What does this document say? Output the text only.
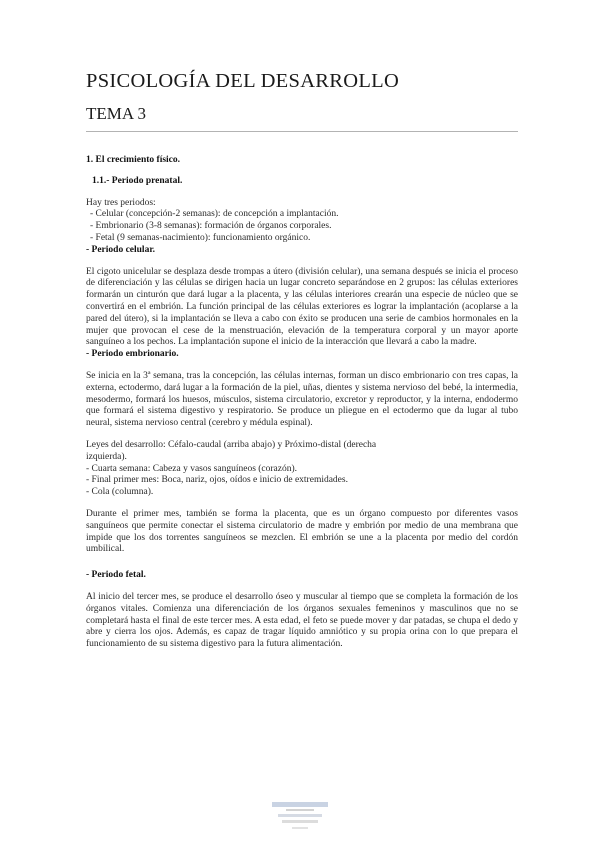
PSICOLOGÍA DEL DESARROLLO
TEMA 3

1. El crecimiento físico.

1.1.- Periodo prenatal.

Hay tres periodos:

- Celular (concepción-2 semanas): de concepción a implantación.

- Embrionario (3-8 semanas): formación de órganos corporales.

- Fetal (9 semanas-nacimiento): funcionamiento orgánico.

- Periodo celular.

El cigoto unicelular se desplaza desde trompas a útero (división celular), una semana después se inicia el proceso de diferenciación y las células se dirigen hacia un lugar concreto separándose en 2 grupos: las células exteriores formarán un cinturón que dará lugar a la placenta, y las células interiores crearán una especie de núcleo que se convertirá en el embrión. La función principal de las células exteriores es lograr la implantación (acoplarse a la pared del útero), si la implantación se lleva a cabo con éxito se producen una serie de cambios hormonales en la mujer que provocan el cese de la menstruación, elevación de la temperatura corporal y un mayor aporte sanguíneo a los pechos. La implantación supone el inicio de la interacción que llevará a cabo la madre.

- Periodo embrionario.

Se inicia en la 3ª semana, tras la concepción, las células internas, forman un disco embrionario con tres capas, la externa, ectodermo, dará lugar a la formación de la piel, uñas, dientes y sistema nervioso del bebé, la intermedia, mesodermo, formará los huesos, músculos, sistema circulatorio, excretor y reproductor, y la interna, endodermo que formará el sistema digestivo y respiratorio. Se produce un pliegue en el ectodermo que da lugar al tubo neural, sistema nervioso central (cerebro y médula espinal).

Leyes del desarrollo: Céfalo-caudal (arriba abajo) y Próximo-distal (derecha izquierda).

- Cuarta semana: Cabeza y vasos sanguíneos (corazón).

- Final primer mes: Boca, nariz, ojos, oídos e inicio de extremidades.

- Cola (columna).

Durante el primer mes, también se forma la placenta, que es un órgano compuesto por diferentes vasos sanguíneos que permite conectar el sistema circulatorio de madre y embrión por medio de una membrana que impide que los dos torrentes sanguíneos se mezclen. El embrión se une a la placenta por medio del cordón umbilical.

- Periodo fetal.

Al inicio del tercer mes, se produce el desarrollo óseo y muscular al tiempo que se completa la formación de los órganos vitales. Comienza una diferenciación de los órganos sexuales femeninos y masculinos que no se completará hasta el final de este tercer mes. A esta edad, el feto se puede mover y dar patadas, se chupa el dedo y abre y cierra los ojos. Además, es capaz de tragar líquido amniótico y su propia orina con lo que prepara el funcionamiento de su sistema digestivo para la futura alimentación.
